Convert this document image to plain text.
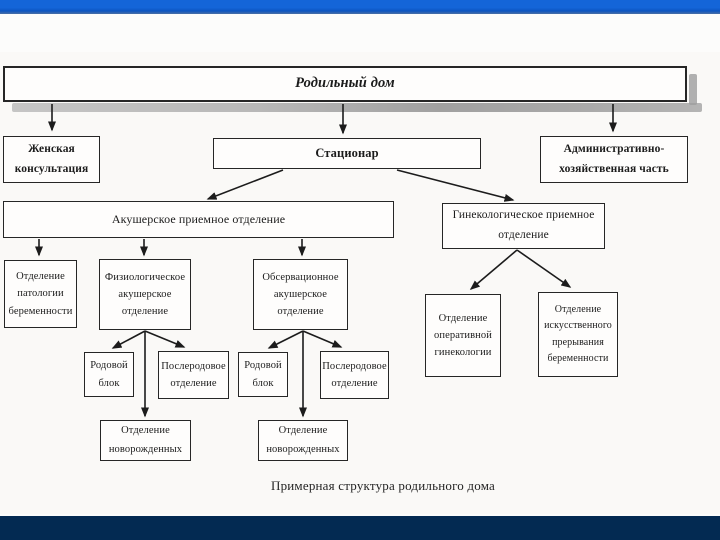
Родильный дом
Женская консультация
Стационар	Административно-хозяйственная часть
Акушерское приемное отделение	Гинекологическое приемное отделение
Отделение патологии беременности
Физиологическое акушерское отделение
Обсервационное акушерское отделение
Родовой блок
Послеродовое отделение
Родовой блок
Послеродовое отделение
Отделение новорожденных
Отделение новорожденных
Отделение оперативной гинекологии
Отделение искусственного прерывания беременности
Примерная структура родильного дома
